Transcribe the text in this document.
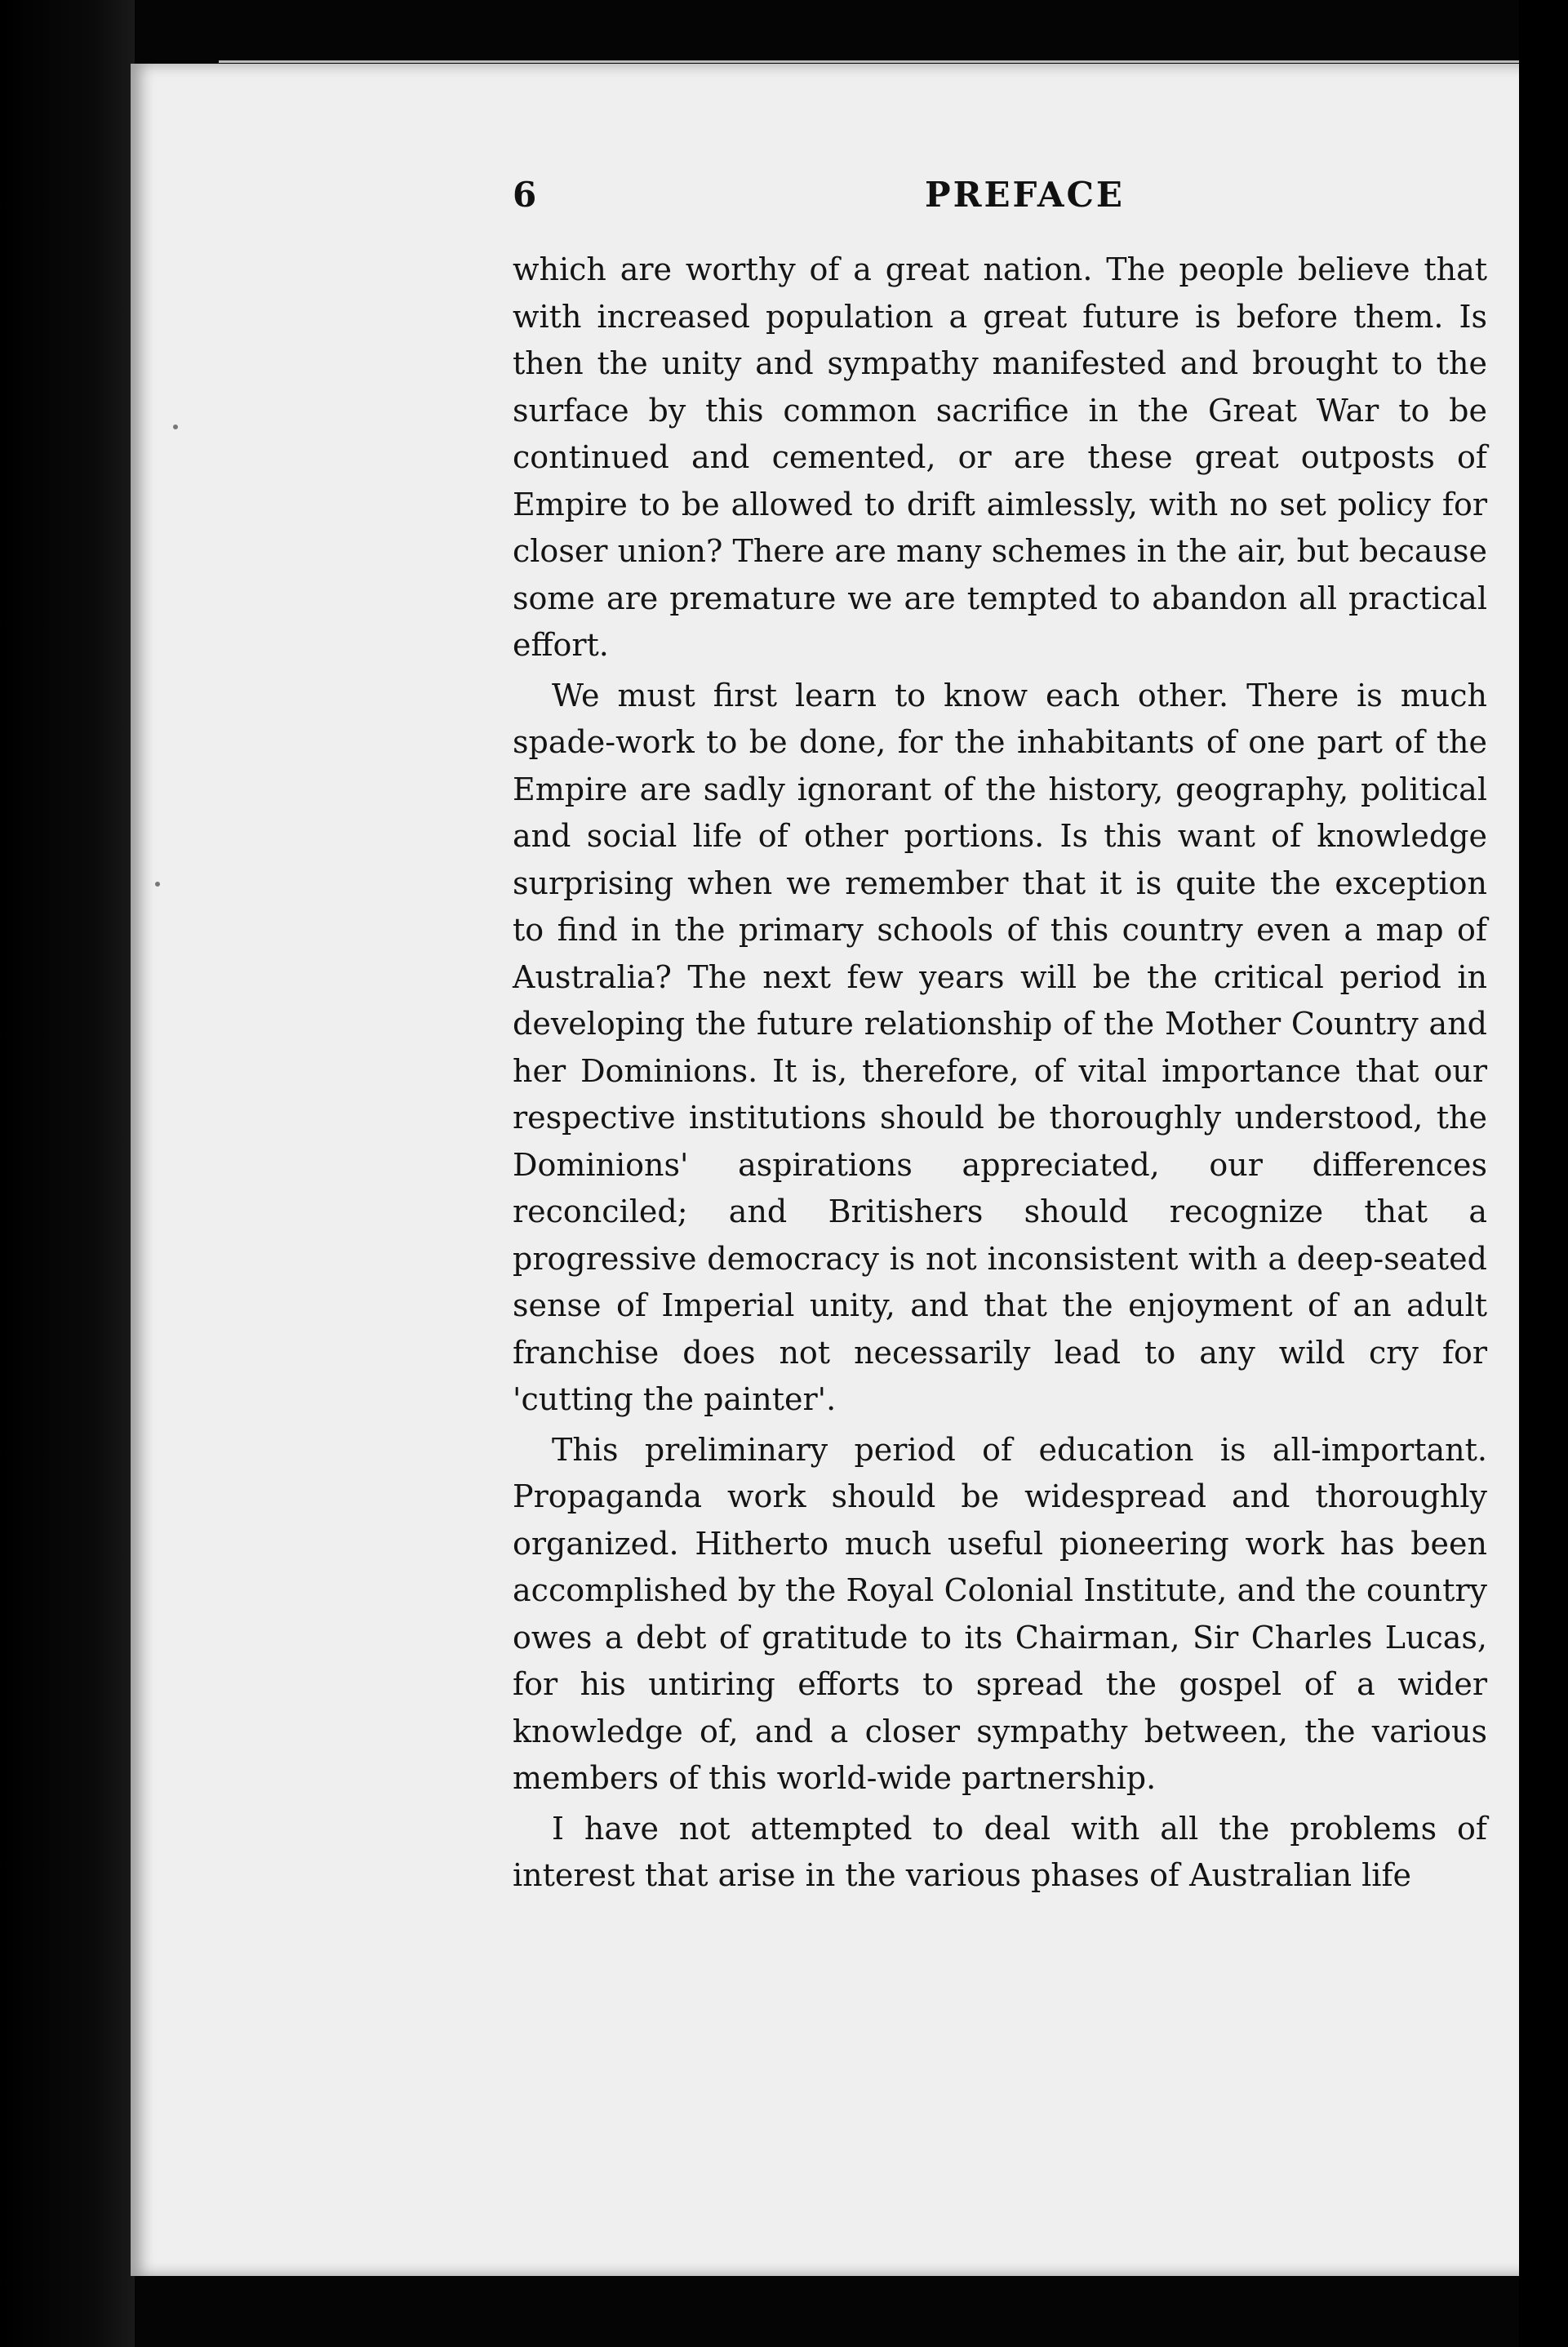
6	PREFACE

which are worthy of a great nation. The people believe that with increased population a great future is before them. Is then the unity and sympathy manifested and brought to the surface by this common sacrifice in the Great War to be continued and cemented, or are these great outposts of Empire to be allowed to drift aimlessly, with no set policy for closer union? There are many schemes in the air, but because some are premature we are tempted to abandon all practical effort.

We must first learn to know each other. There is much spade-work to be done, for the inhabitants of one part of the Empire are sadly ignorant of the history, geography, political and social life of other portions. Is this want of knowledge surprising when we remember that it is quite the exception to find in the primary schools of this country even a map of Australia? The next few years will be the critical period in developing the future relationship of the Mother Country and her Dominions. It is, therefore, of vital importance that our respective institutions should be thoroughly understood, the Dominions' aspirations appreciated, our differences reconciled; and Britishers should recognize that a progressive democracy is not inconsistent with a deep-seated sense of Imperial unity, and that the enjoyment of an adult franchise does not necessarily lead to any wild cry for 'cutting the painter'.

This preliminary period of education is all-important. Propaganda work should be widespread and thoroughly organized. Hitherto much useful pioneering work has been accomplished by the Royal Colonial Institute, and the country owes a debt of gratitude to its Chairman, Sir Charles Lucas, for his untiring efforts to spread the gospel of a wider knowledge of, and a closer sympathy between, the various members of this world-wide partnership.

I have not attempted to deal with all the problems of interest that arise in the various phases of Australian life
